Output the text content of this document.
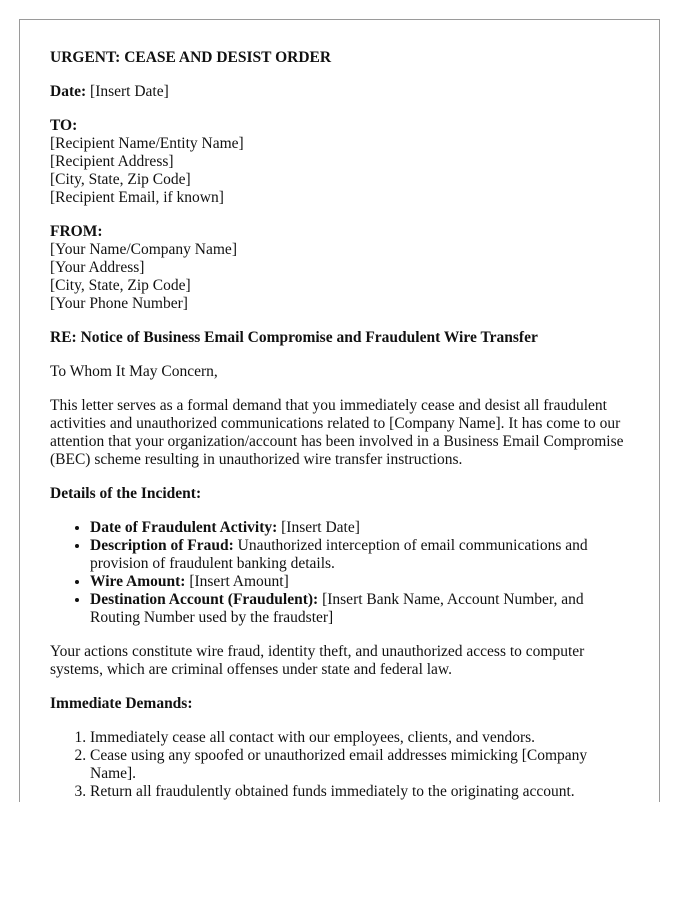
URGENT: CEASE AND DESIST ORDER

Date: [Insert Date]

TO:
[Recipient Name/Entity Name]
[Recipient Address]
[City, State, Zip Code]
[Recipient Email, if known]

FROM:
[Your Name/Company Name]
[Your Address]
[City, State, Zip Code]
[Your Phone Number]

RE: Notice of Business Email Compromise and Fraudulent Wire Transfer

To Whom It May Concern,

This letter serves as a formal demand that you immediately cease and desist all fraudulent activities and unauthorized communications related to [Company Name]. It has come to our attention that your organization/account has been involved in a Business Email Compromise (BEC) scheme resulting in unauthorized wire transfer instructions.

Details of the Incident:

• Date of Fraudulent Activity: [Insert Date]
• Description of Fraud: Unauthorized interception of email communications and provision of fraudulent banking details.
• Wire Amount: [Insert Amount]
• Destination Account (Fraudulent): [Insert Bank Name, Account Number, and Routing Number used by the fraudster]

Your actions constitute wire fraud, identity theft, and unauthorized access to computer systems, which are criminal offenses under state and federal law.

Immediate Demands:

1. Immediately cease all contact with our employees, clients, and vendors.
2. Cease using any spoofed or unauthorized email addresses mimicking [Company Name].
3. Return all fraudulently obtained funds immediately to the originating account.
